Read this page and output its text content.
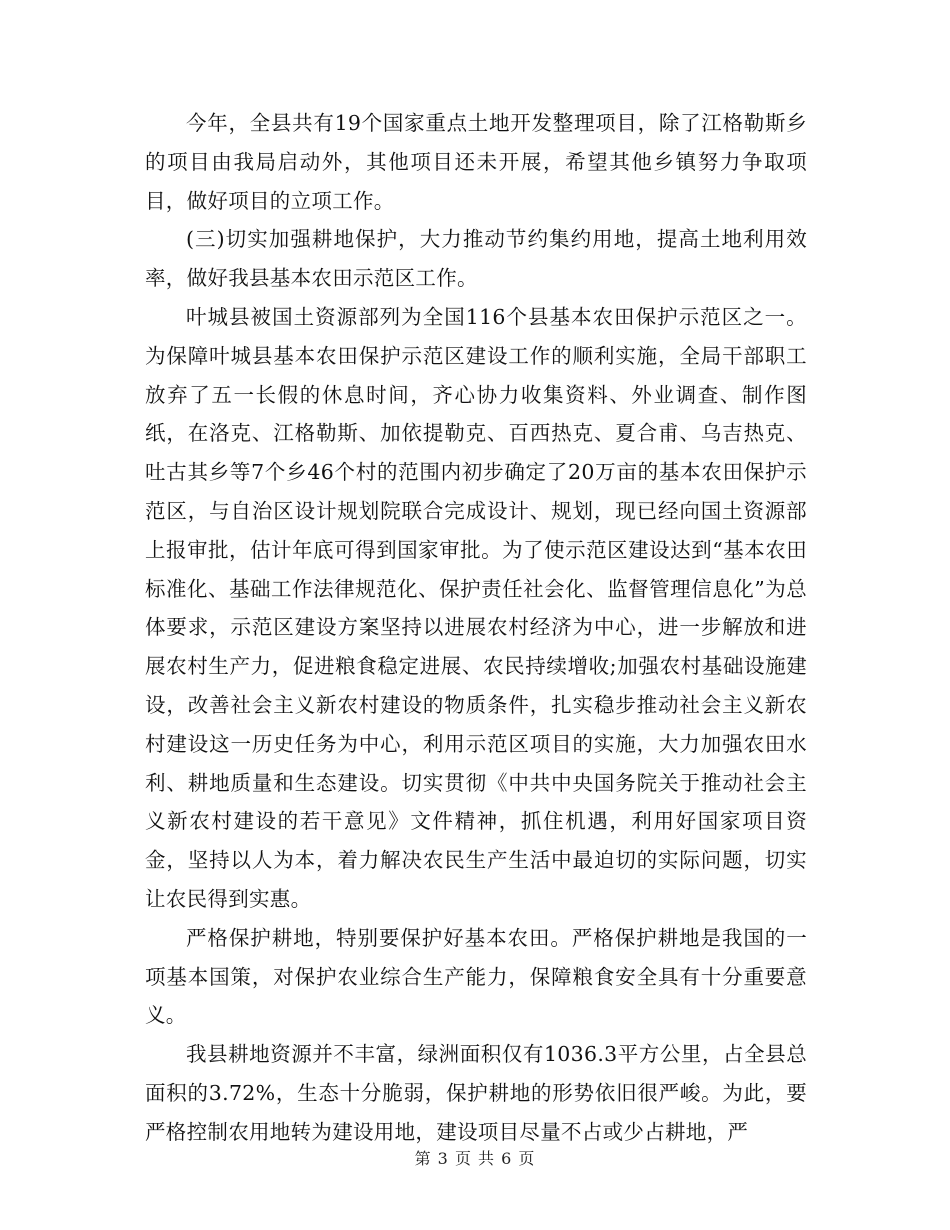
今年，全县共有19个国家重点土地开发整理项目，除了江格勒斯乡的项目由我局启动外，其他项目还未开展，希望其他乡镇努力争取项目，做好项目的立项工作。

(三)切实加强耕地保护，大力推动节约集约用地，提高土地利用效率，做好我县基本农田示范区工作。

叶城县被国土资源部列为全国116个县基本农田保护示范区之一。为保障叶城县基本农田保护示范区建设工作的顺利实施，全局干部职工放弃了五一长假的休息时间，齐心协力收集资料、外业调查、制作图纸，在洛克、江格勒斯、加依提勒克、百西热克、夏合甫、乌吉热克、吐古其乡等7个乡46个村的范围内初步确定了20万亩的基本农田保护示范区，与自治区设计规划院联合完成设计、规划，现已经向国土资源部上报审批，估计年底可得到国家审批。为了使示范区建设达到“基本农田标准化、基础工作法律规范化、保护责任社会化、监督管理信息化”为总体要求，示范区建设方案坚持以进展农村经济为中心，进一步解放和进展农村生产力，促进粮食稳定进展、农民持续增收;加强农村基础设施建设，改善社会主义新农村建设的物质条件，扎实稳步推动社会主义新农村建设这一历史任务为中心，利用示范区项目的实施，大力加强农田水利、耕地质量和生态建设。切实贯彻《中共中央国务院关于推动社会主义新农村建设的若干意见》文件精神，抓住机遇，利用好国家项目资金，坚持以人为本，着力解决农民生产生活中最迫切的实际问题，切实让农民得到实惠。

严格保护耕地，特别要保护好基本农田。严格保护耕地是我国的一项基本国策，对保护农业综合生产能力，保障粮食安全具有十分重要意义。

我县耕地资源并不丰富，绿洲面积仅有1036.3平方公里，占全县总面积的3.72%，生态十分脆弱，保护耕地的形势依旧很严峻。为此，要严格控制农用地转为建设用地，建设项目尽量不占或少占耕地，严

第 3 页 共 6 页
